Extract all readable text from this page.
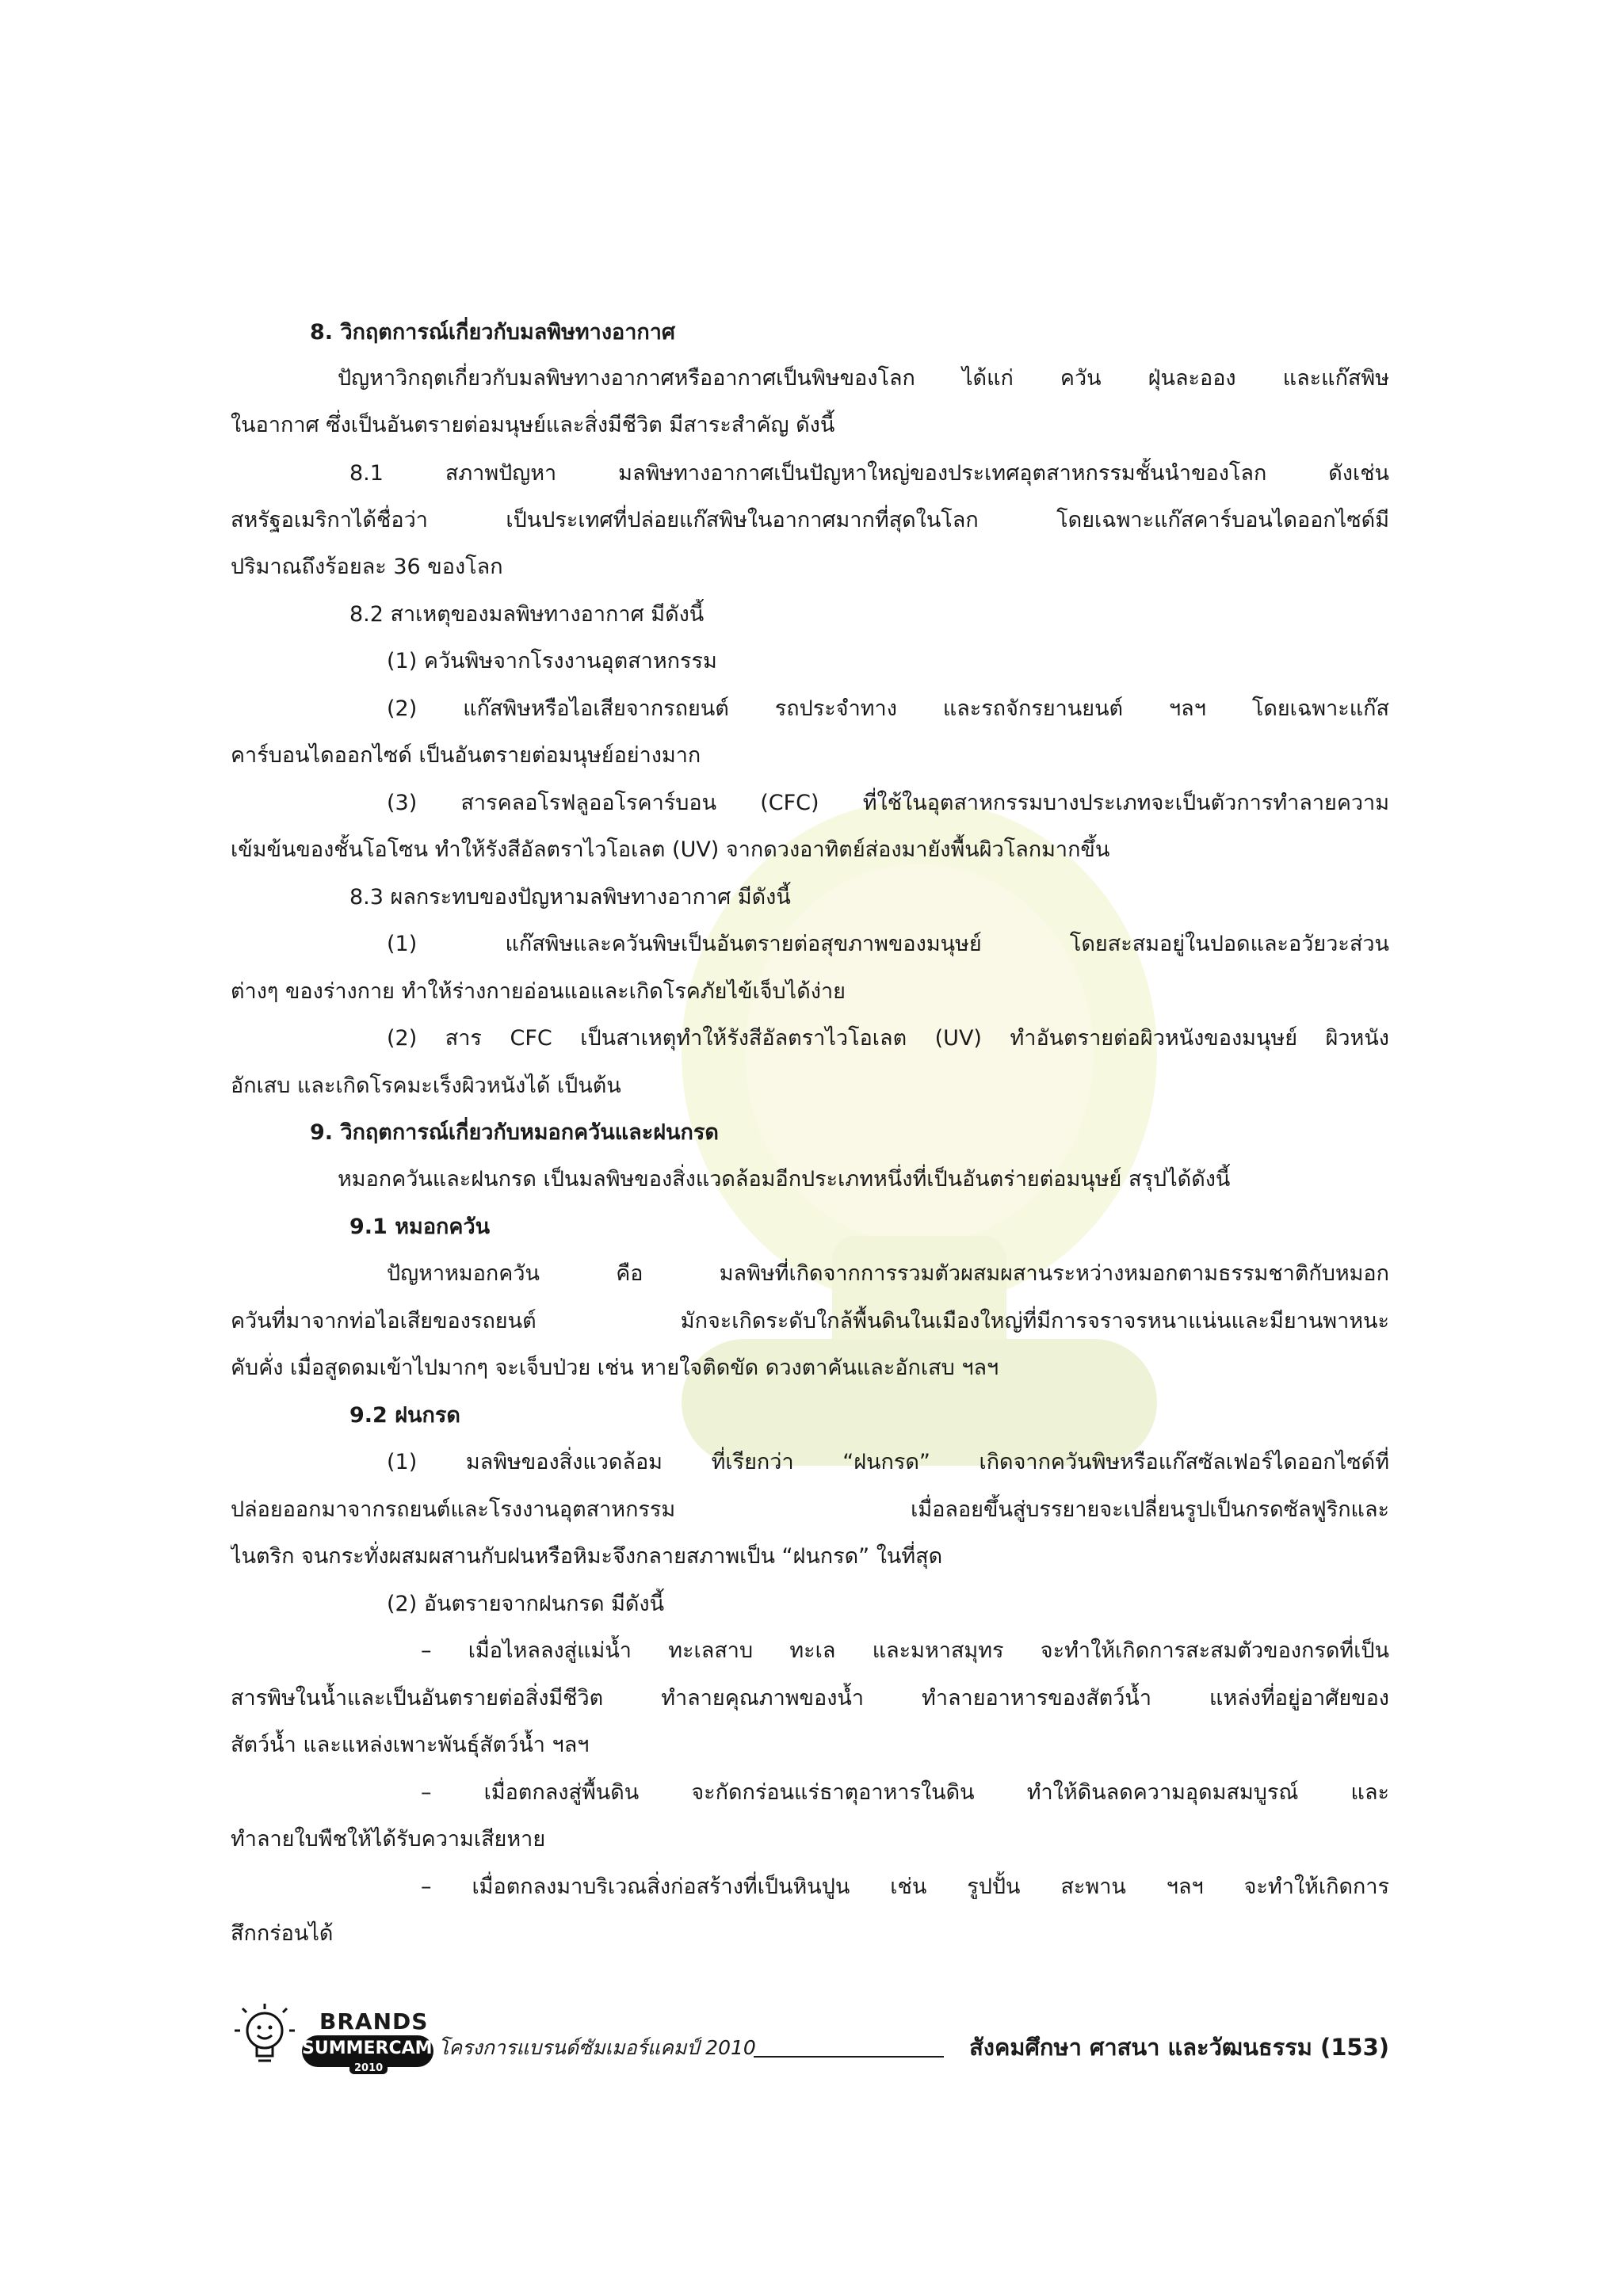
8. วิกฤตการณ์เกี่ยวกับมลพิษทางอากาศ
ปัญหาวิกฤตเกี่ยวกับมลพิษทางอากาศหรืออากาศเป็นพิษของโลก ได้แก่ ควัน ฝุ่นละออง และแก๊สพิษ
ในอากาศ ซึ่งเป็นอันตรายต่อมนุษย์และสิ่งมีชีวิต มีสาระสำคัญ ดังนี้
8.1 สภาพปัญหา มลพิษทางอากาศเป็นปัญหาใหญ่ของประเทศอุตสาหกรรมชั้นนำของโลก ดังเช่น
สหรัฐอเมริกาได้ชื่อว่า เป็นประเทศที่ปล่อยแก๊สพิษในอากาศมากที่สุดในโลก โดยเฉพาะแก๊สคาร์บอนไดออกไซด์มี
ปริมาณถึงร้อยละ 36 ของโลก
8.2 สาเหตุของมลพิษทางอากาศ มีดังนี้
(1) ควันพิษจากโรงงานอุตสาหกรรม
(2) แก๊สพิษหรือไอเสียจากรถยนต์ รถประจำทาง และรถจักรยานยนต์ ฯลฯ โดยเฉพาะแก๊ส
คาร์บอนไดออกไซด์ เป็นอันตรายต่อมนุษย์อย่างมาก
(3) สารคลอโรฟลูออโรคาร์บอน (CFC) ที่ใช้ในอุตสาหกรรมบางประเภทจะเป็นตัวการทำลายความ
เข้มข้นของชั้นโอโซน ทำให้รังสีอัลตราไวโอเลต (UV) จากดวงอาทิตย์ส่องมายังพื้นผิวโลกมากขึ้น
8.3 ผลกระทบของปัญหามลพิษทางอากาศ มีดังนี้
(1) แก๊สพิษและควันพิษเป็นอันตรายต่อสุขภาพของมนุษย์ โดยสะสมอยู่ในปอดและอวัยวะส่วน
ต่างๆ ของร่างกาย ทำให้ร่างกายอ่อนแอและเกิดโรคภัยไข้เจ็บได้ง่าย
(2) สาร CFC เป็นสาเหตุทำให้รังสีอัลตราไวโอเลต (UV) ทำอันตรายต่อผิวหนังของมนุษย์ ผิวหนัง
อักเสบ และเกิดโรคมะเร็งผิวหนังได้ เป็นต้น
9. วิกฤตการณ์เกี่ยวกับหมอกควันและฝนกรด
หมอกควันและฝนกรด เป็นมลพิษของสิ่งแวดล้อมอีกประเภทหนึ่งที่เป็นอันตร่ายต่อมนุษย์ สรุปได้ดังนี้
9.1 หมอกควัน
ปัญหาหมอกควัน คือ มลพิษที่เกิดจากการรวมตัวผสมผสานระหว่างหมอกตามธรรมชาติกับหมอก
ควันที่มาจากท่อไอเสียของรถยนต์ มักจะเกิดระดับใกล้พื้นดินในเมืองใหญ่ที่มีการจราจรหนาแน่นและมียานพาหนะ
คับคั่ง เมื่อสูดดมเข้าไปมากๆ จะเจ็บป่วย เช่น หายใจติดขัด ดวงตาคันและอักเสบ ฯลฯ
9.2 ฝนกรด
(1) มลพิษของสิ่งแวดล้อม ที่เรียกว่า “ฝนกรด” เกิดจากควันพิษหรือแก๊สซัลเฟอร์ไดออกไซด์ที่
ปล่อยออกมาจากรถยนต์และโรงงานอุตสาหกรรม เมื่อลอยขึ้นสู่บรรยายจะเปลี่ยนรูปเป็นกรดซัลฟูริกและ
ไนตริก จนกระทั่งผสมผสานกับฝนหรือหิมะจึงกลายสภาพเป็น “ฝนกรด” ในที่สุด
(2) อันตรายจากฝนกรด มีดังนี้
– เมื่อไหลลงสู่แม่น้ำ ทะเลสาบ ทะเล และมหาสมุทร จะทำให้เกิดการสะสมตัวของกรดที่เป็น
สารพิษในน้ำและเป็นอันตรายต่อสิ่งมีชีวิต ทำลายคุณภาพของน้ำ ทำลายอาหารของสัตว์น้ำ แหล่งที่อยู่อาศัยของ
สัตว์น้ำ และแหล่งเพาะพันธุ์สัตว์น้ำ ฯลฯ
– เมื่อตกลงสู่พื้นดิน จะกัดกร่อนแร่ธาตุอาหารในดิน ทำให้ดินลดความอุดมสมบูรณ์ และ
ทำลายใบพืชให้ได้รับความเสียหาย
– เมื่อตกลงมาบริเวณสิ่งก่อสร้างที่เป็นหินปูน เช่น รูปปั้น สะพาน ฯลฯ จะทำให้เกิดการ
สึกกร่อนได้
BRANDS
SUMMERCAMP
2010
โครงการแบรนด์ซัมเมอร์แคมป์ 2010	สังคมศึกษา ศาสนา และวัฒนธรรม (153)
